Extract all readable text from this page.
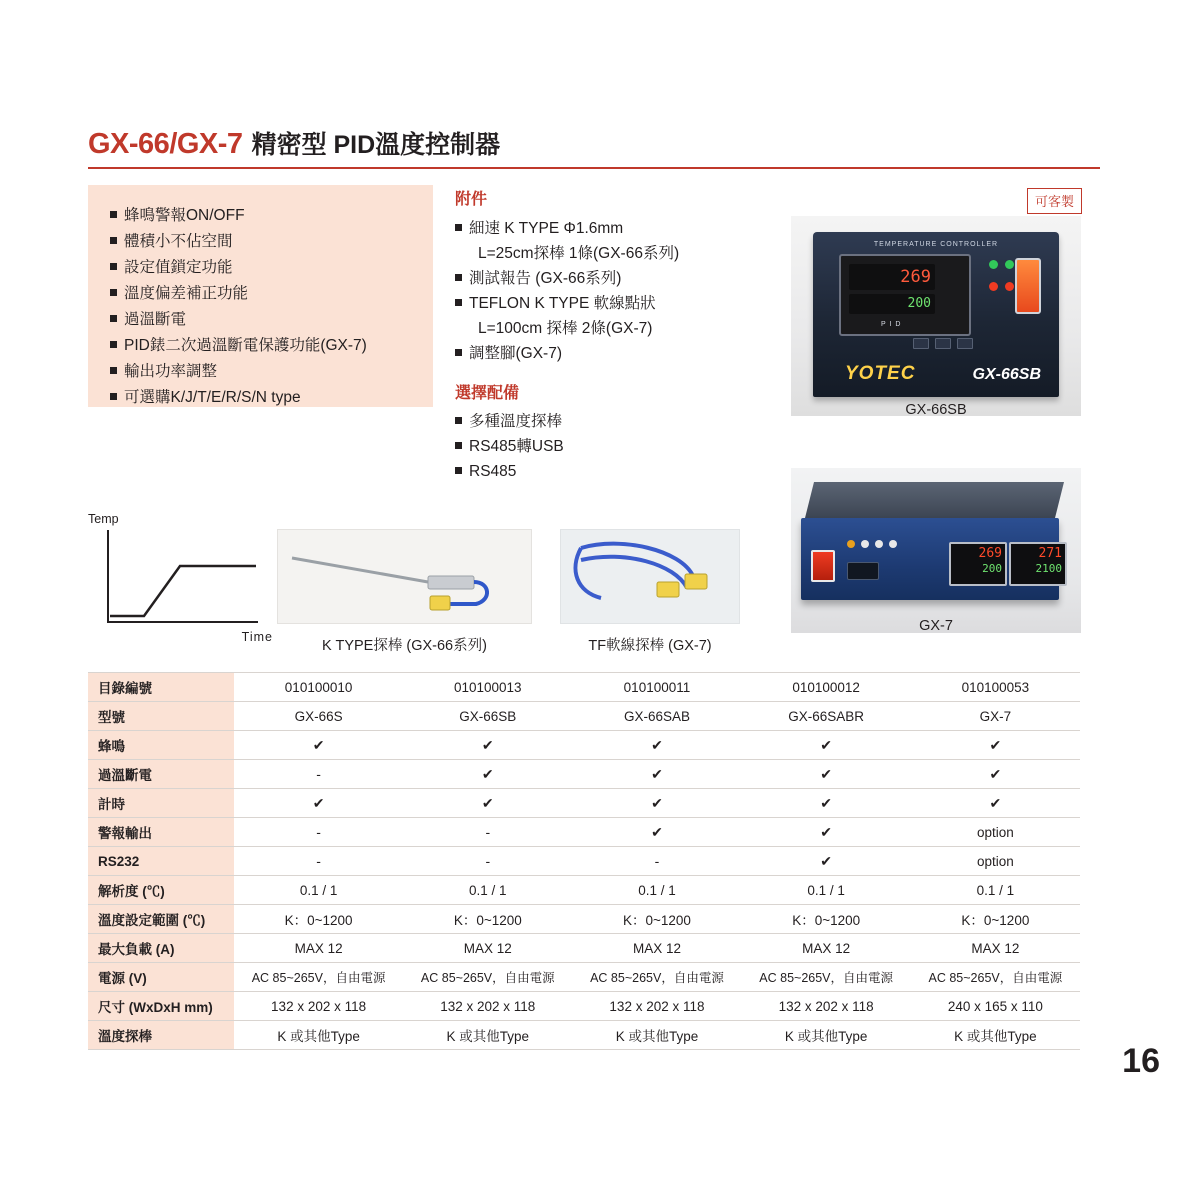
GX-66/GX-7 精密型 PID溫度控制器
蜂鳴警報ON/OFF
體積小不佔空間
設定值鎖定功能
溫度偏差補正功能
過溫斷電
PID錶二次過溫斷電保護功能(GX-7)
輸出功率調整
可選購K/J/T/E/R/S/N type
附件
細速 K TYPE Φ1.6mm
L=25cm探棒 1條(GX-66系列)
測試報告 (GX-66系列)
TEFLON K TYPE 軟線點狀
L=100cm 探棒 2條(GX-7)
調整腳(GX-7)
選擇配備
多種溫度探棒
RS485轉USB
RS485
可客製
TEMPERATURE CONTROLLER
269
200
P I D
YOTEC	GX-66SB
GX-66SB
269
200
271
2100
GX-7
Temp
Time
K TYPE探棒 (GX-66系列)	TF軟線探棒 (GX-7)
目錄編號	010100010	010100013	010100011	010100012	010100053
型號	GX-66S	GX-66SB	GX-66SAB	GX-66SABR	GX-7
蜂鳴	✔	✔	✔	✔	✔
過溫斷電	-	✔	✔	✔	✔
計時	✔	✔	✔	✔	✔
警報輸出	-	-	✔	✔	option
RS232	-	-	-	✔	option
解析度 (℃)	0.1 / 1	0.1 / 1	0.1 / 1	0.1 / 1	0.1 / 1
溫度設定範圍 (℃)	K：0~1200	K：0~1200	K：0~1200	K：0~1200	K：0~1200
最大負載 (A)	MAX 12	MAX 12	MAX 12	MAX 12	MAX 12
電源 (V)	AC 85~265V，自由電源	AC 85~265V，自由電源	AC 85~265V，自由電源	AC 85~265V，自由電源	AC 85~265V，自由電源
尺寸 (WxDxH mm)	132 x 202 x 118	132 x 202 x 118	132 x 202 x 118	132 x 202 x 118	240 x 165 x 110
溫度探棒	K 或其他Type	K 或其他Type	K 或其他Type	K 或其他Type	K 或其他Type
16
